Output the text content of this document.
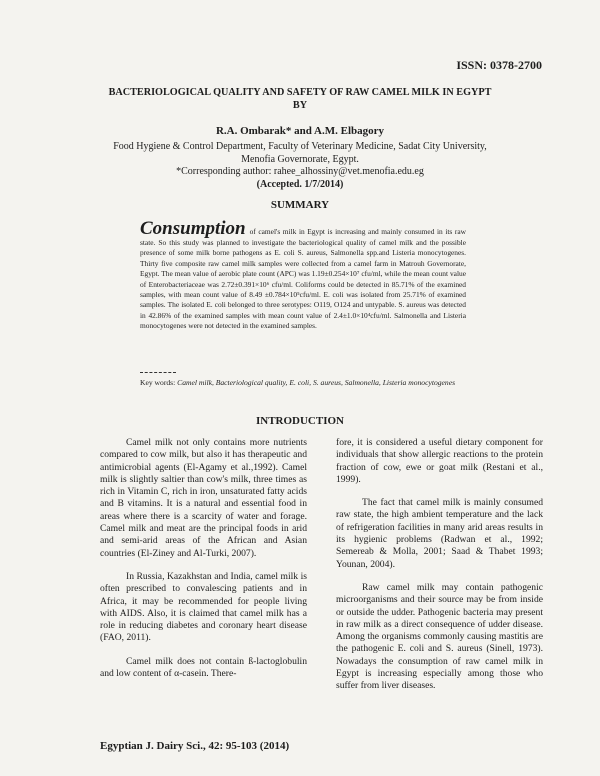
ISSN: 0378-2700
BACTERIOLOGICAL QUALITY AND SAFETY OF RAW CAMEL MILK IN EGYPT
BY
R.A. Ombarak* and A.M. Elbagory
Food Hygiene & Control Department, Faculty of Veterinary Medicine, Sadat City University,
Menofia Governorate, Egypt.
*Corresponding author: rahee_alhossiny@vet.menofia.edu.eg
(Accepted. 1/7/2014)
SUMMARY
Consumption of camel's milk in Egypt is increasing and mainly consumed in its raw state. So this study was planned to investigate the bacteriological quality of camel milk and the possible presence of some milk borne pathogens as E. coli S. aureus, Salmonella spp.and Listeria monocytogenes. Thirty five composite raw camel milk samples were collected from a camel farm in Matrouh Governorate, Egypt. The mean value of aerobic plate count (APC) was 1.19±0.254×10⁷ cfu/ml, while the mean count value of Enterobacteriaceae was 2.72±0.391×10⁶ cfu/ml. Coliforms could be detected in 85.71% of the examined samples, with mean count value of 8.49 ±0.784×10⁵cfu/ml. E. coli was isolated from 25.71% of examined samples. The isolated E. coli belonged to three serotypes: O119, O124 and untypable. S. aureus was detected in 42.86% of the examined samples with mean count value of 2.4±1.0×10⁴cfu/ml. Salmonella and Listeria monocytogenes were not detected in the examined samples.
Key words: Camel milk, Bacteriological quality, E. coli, S. aureus, Salmonella, Listeria monocytogenes
INTRODUCTION

Camel milk not only contains more nutrients compared to cow milk, but also it has therapeutic and antimicrobial agents (El-Agamy et al.,1992). Camel milk is slightly saltier than cow's milk, three times as rich in Vitamin C, rich in iron, unsaturated fatty acids and B vitamins. It is a natural and essential food in areas where there is a scarcity of water and forage. Camel milk and meat are the principal foods in arid and semi-arid areas of the African and Asian countries (El-Ziney and Al-Turki, 2007).

In Russia, Kazakhstan and India, camel milk is often prescribed to convalescing patients and in Africa, it may be recommended for people living with AIDS. Also, it is claimed that camel milk has a role in reducing diabetes and coronary heart disease (FAO, 2011).

Camel milk does not contain ß-lactoglobulin and low content of α-casein. There-

fore, it is considered a useful dietary component for individuals that show allergic reactions to the protein fraction of cow, ewe or goat milk (Restani et al., 1999).

The fact that camel milk is mainly consumed raw state, the high ambient temperature and the lack of refrigeration facilities in many arid areas results in its hygienic problems (Radwan et al., 1992; Semereab & Molla, 2001; Saad & Thabet 1993; Younan, 2004).

Raw camel milk may contain pathogenic microorganisms and their source may be from inside or outside the udder. Pathogenic bacteria may present in raw milk as a direct consequence of udder disease. Among the organisms commonly causing mastitis are the pathogenic E. coli and S. aureus (Sinell, 1973). Nowadays the consumption of raw camel milk in Egypt is increasing especially among those who suffer from liver diseases.

Egyptian J. Dairy Sci., 42: 95-103 (2014)
